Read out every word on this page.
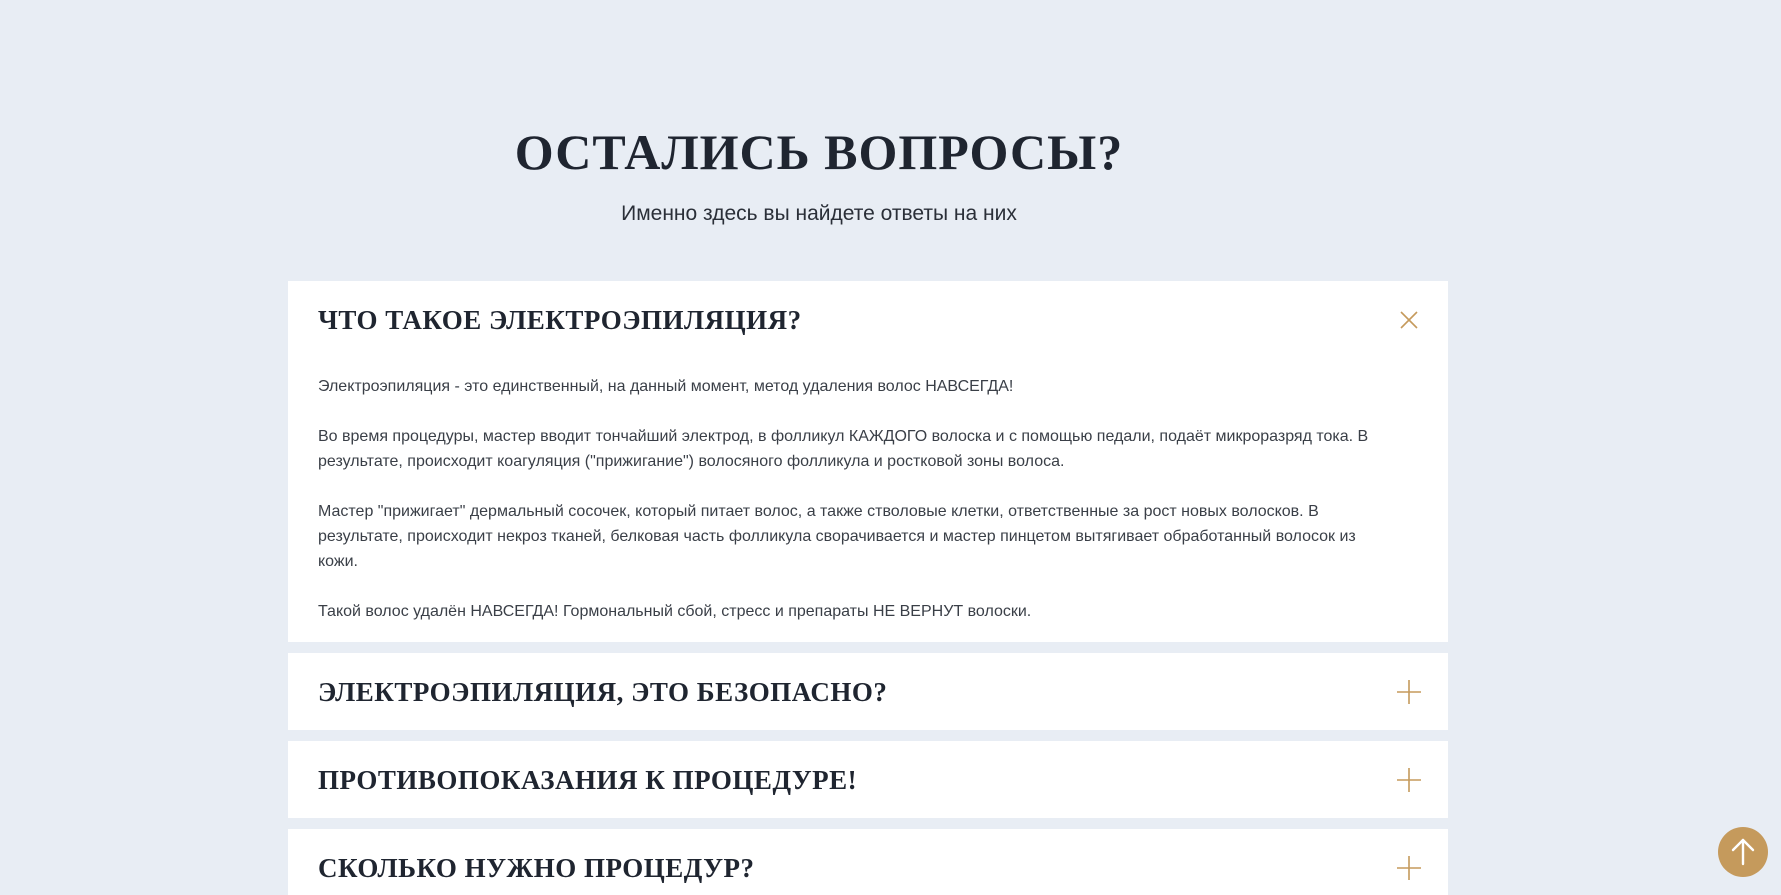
ОСТАЛИСЬ ВОПРОСЫ?

Именно здесь вы найдете ответы на них

ЧТО ТАКОЕ ЭЛЕКТРОЭПИЛЯЦИЯ?

Электроэпиляция - это единственный, на данный момент, метод удаления волос НАВСЕГДА!

Во время процедуры, мастер вводит тончайший электрод, в фолликул КАЖДОГО волоска и с помощью педали, подаёт микроразряд тока. В результате, происходит коагуляция ("прижигание") волосяного фолликула и ростковой зоны волоса.

Мастер "прижигает" дермальный сосочек, который питает волос, а также стволовые клетки, ответственные за рост новых волосков. В результате, происходит некроз тканей, белковая часть фолликула сворачивается и мастер пинцетом вытягивает обработанный волосок из кожи.

Такой волос удалён НАВСЕГДА! Гормональный сбой, стресс и препараты НЕ ВЕРНУТ волоски.

ЭЛЕКТРОЭПИЛЯЦИЯ, ЭТО БЕЗОПАСНО?
ПРОТИВОПОКАЗАНИЯ К ПРОЦЕДУРЕ!
СКОЛЬКО НУЖНО ПРОЦЕДУР?
